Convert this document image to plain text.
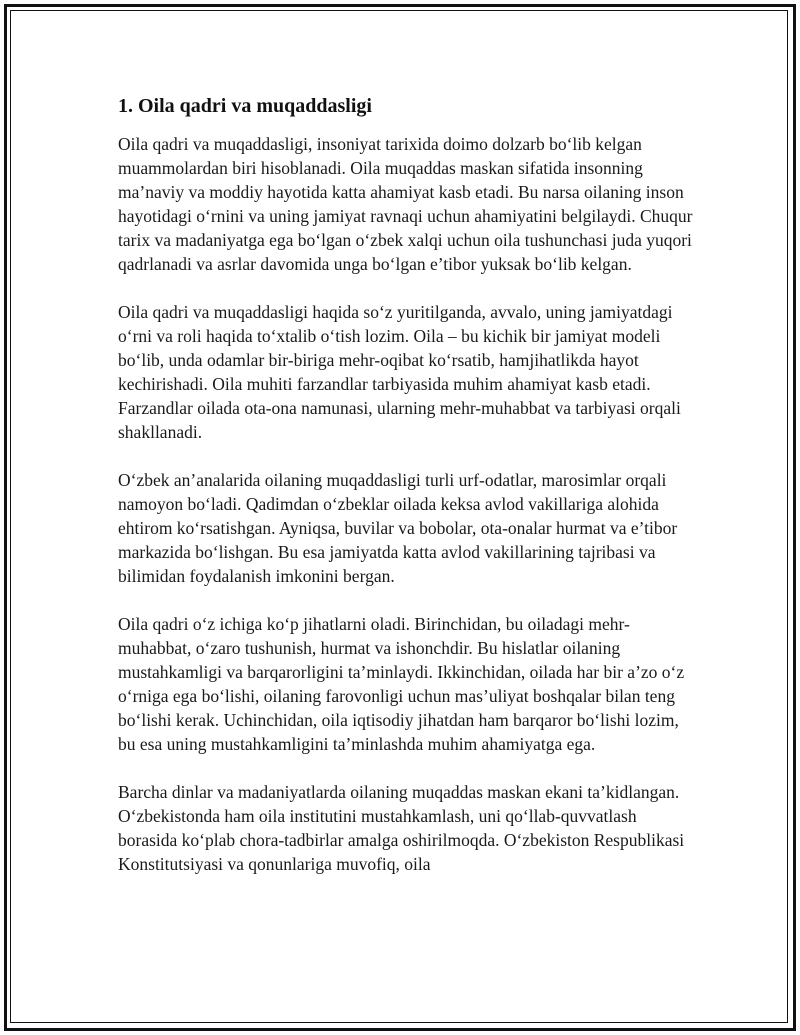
1. Oila qadri va muqaddasligi

Oila qadri va muqaddasligi, insoniyat tarixida doimo dolzarb bo‘lib kelgan muammolardan biri hisoblanadi. Oila muqaddas maskan sifatida insonning ma’naviy va moddiy hayotida katta ahamiyat kasb etadi. Bu narsa oilaning inson hayotidagi o‘rnini va uning jamiyat ravnaqi uchun ahamiyatini belgilaydi. Chuqur tarix va madaniyatga ega bo‘lgan o‘zbek xalqi uchun oila tushunchasi juda yuqori qadrlanadi va asrlar davomida unga bo‘lgan e’tibor yuksak bo‘lib kelgan.

Oila qadri va muqaddasligi haqida so‘z yuritilganda, avvalo, uning jamiyatdagi o‘rni va roli haqida to‘xtalib o‘tish lozim. Oila – bu kichik bir jamiyat modeli bo‘lib, unda odamlar bir-biriga mehr-oqibat ko‘rsatib, hamjihatlikda hayot kechirishadi. Oila muhiti farzandlar tarbiyasida muhim ahamiyat kasb etadi. Farzandlar oilada ota-ona namunasi, ularning mehr-muhabbat va tarbiyasi orqali shakllanadi.

O‘zbek an’analarida oilaning muqaddasligi turli urf-odatlar, marosimlar orqali namoyon bo‘ladi. Qadimdan o‘zbeklar oilada keksa avlod vakillariga alohida ehtirom ko‘rsatishgan. Ayniqsa, buvilar va bobolar, ota-onalar hurmat va e’tibor markazida bo‘lishgan. Bu esa jamiyatda katta avlod vakillarining tajribasi va bilimidan foydalanish imkonini bergan.

Oila qadri o‘z ichiga ko‘p jihatlarni oladi. Birinchidan, bu oiladagi mehr-muhabbat, o‘zaro tushunish, hurmat va ishonchdir. Bu hislatlar oilaning mustahkamligi va barqarorligini ta’minlaydi. Ikkinchidan, oilada har bir a’zo o‘z o‘rniga ega bo‘lishi, oilaning farovonligi uchun mas’uliyat boshqalar bilan teng bo‘lishi kerak. Uchinchidan, oila iqtisodiy jihatdan ham barqaror bo‘lishi lozim, bu esa uning mustahkamligini ta’minlashda muhim ahamiyatga ega.

Barcha dinlar va madaniyatlarda oilaning muqaddas maskan ekani ta’kidlangan. O‘zbekistonda ham oila institutini mustahkamlash, uni qo‘llab-quvvatlash borasida ko‘plab chora-tadbirlar amalga oshirilmoqda. O‘zbekiston Respublikasi Konstitutsiyasi va qonunlariga muvofiq, oila
